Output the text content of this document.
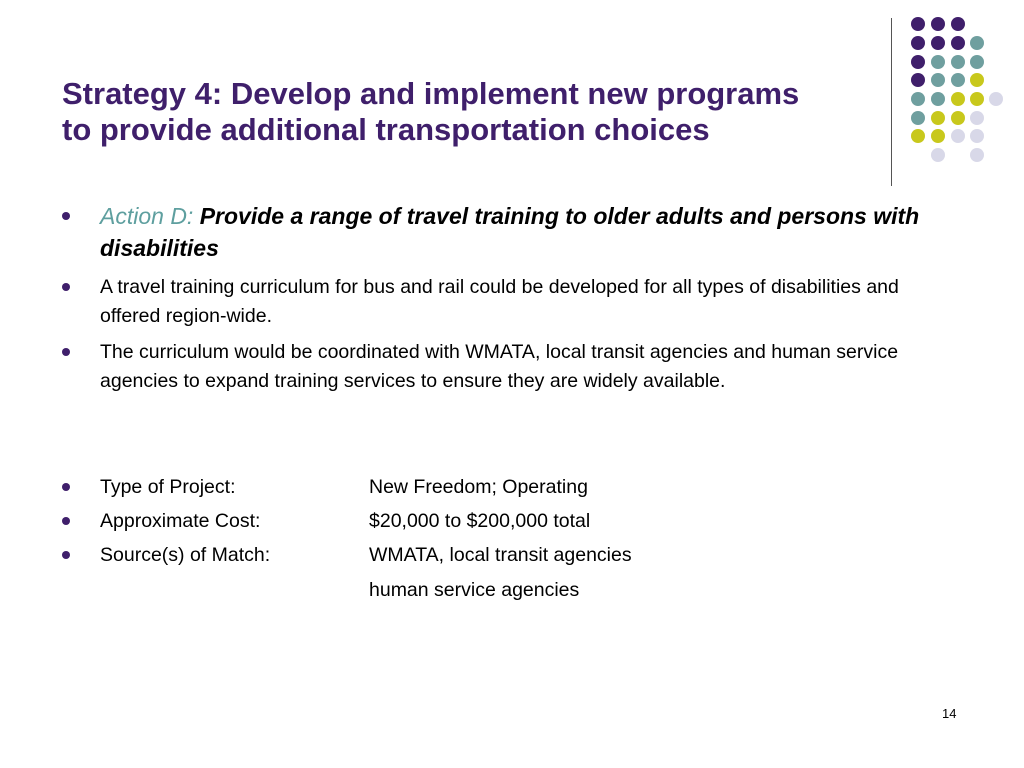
Strategy 4: Develop and implement new programs
to provide additional transportation choices
Action D: Provide a range of travel training to older adults and persons with disabilities
A travel training curriculum for bus and rail could be developed for all types of disabilities and offered region-wide.
The curriculum would be coordinated with WMATA, local transit agencies and human service agencies to expand training services to ensure they are widely available.
Type of Project:	New Freedom; Operating
Approximate Cost:	$20,000 to $200,000 total
Source(s) of Match:	WMATA, local transit agencies
human service agencies
14
